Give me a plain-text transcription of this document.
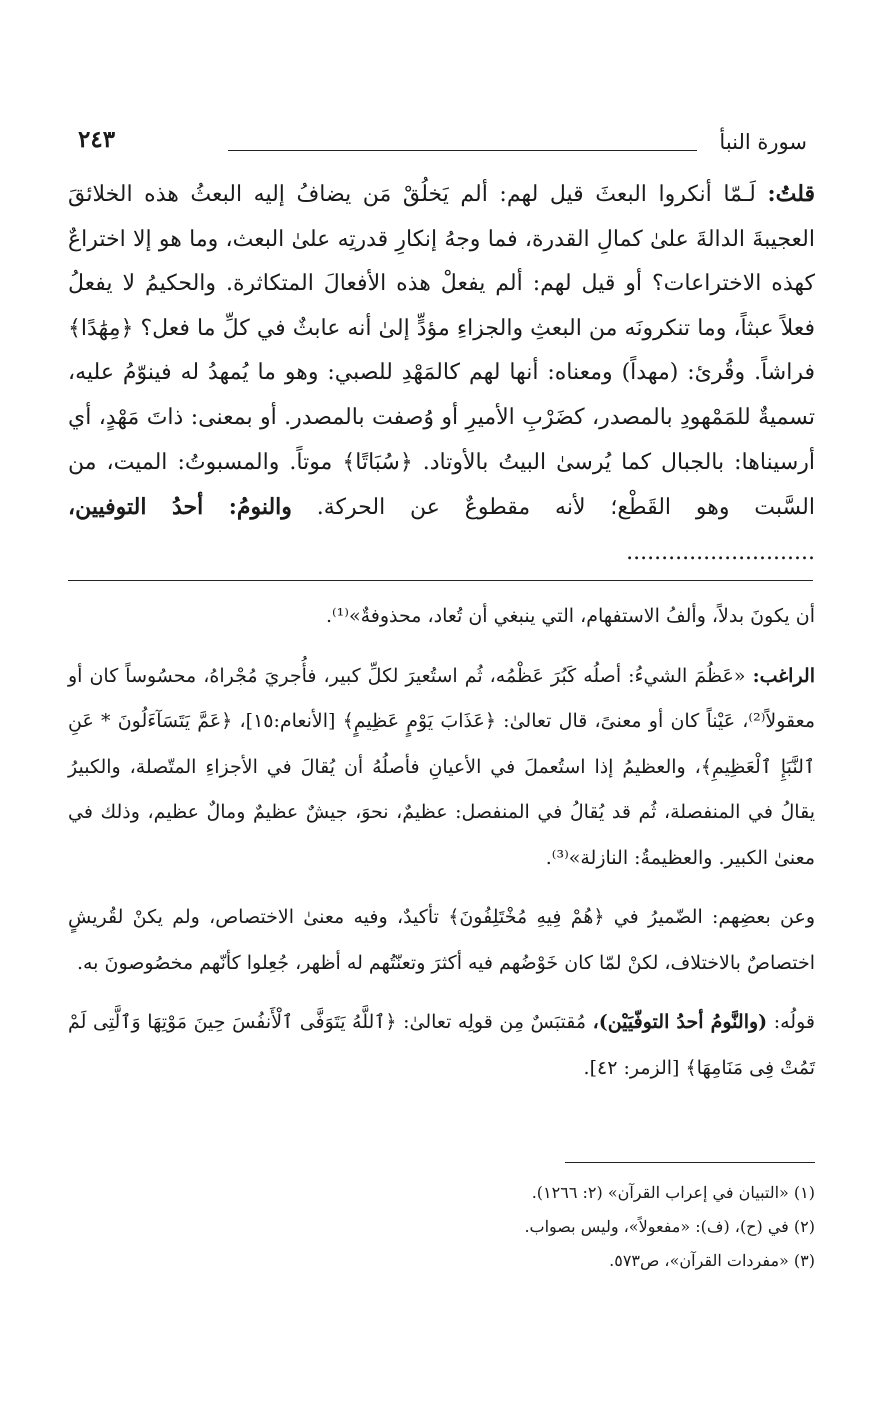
سورة النبأ
٢٤٣
قلتُ: لَـمّا أنكروا البعثَ قيل لهم: ألم يَخلُقْ مَن يضافُ إليه البعثُ هذه الخلائقَ العجيبةَ الدالةَ علىٰ كمالِ القدرة، فما وجهُ إنكارِ قدرتِه علىٰ البعث، وما هو إلا اختراعٌ كهذه الاختراعات؟ أو قيل لهم: ألم يفعلْ هذه الأفعالَ المتكاثرة. والحكيمُ لا يفعلُ فعلاً عبثاً، وما تنكرونَه من البعثِ والجزاءِ مؤدٍّ إلىٰ أنه عابثٌ في كلِّ ما فعل؟ ﴿مِهَٰدًا﴾ فراشاً. وقُرئ: (مهداً) ومعناه: أنها لهم كالمَهْدِ للصبي: وهو ما يُمهدُ له فينوّمُ عليه، تسميةٌ للمَمْهودِ بالمصدر، كضَرْبِ الأميرِ أو وُصفت بالمصدر. أو بمعنى: ذاتَ مَهْدٍ، أي أرسيناها: بالجبال كما يُرسىٰ البيتُ بالأوتاد. ﴿سُبَاتًا﴾ موتاً. والمسبوتُ: الميت، من السَّبت وهو القَطْع؛ لأنه مقطوعٌ عن الحركة. والنومُ: أحدُ التوفيين، ...........................

أن يكونَ بدلاً، وألفُ الاستفهام، التي ينبغي أن تُعاد، محذوفةٌ»⁽¹⁾.

الراغب: «عَظُمَ الشيءُ: أصلُه كَبُرَ عَظْمُه، ثُم استُعيرَ لكلِّ كبير، فأُجريَ مُجْراهُ، محسُوساً كان أو معقولاً⁽²⁾، عَيْناً كان أو معنىً، قال تعالىٰ: ﴿عَذَابَ يَوْمٍ عَظِيمٍ﴾ [الأنعام:١٥]، ﴿عَمَّ يَتَسَآءَلُونَ * عَنِ ٱلنَّبَإِ ٱلْعَظِيمِ﴾، والعظيمُ إذا استُعملَ في الأعيانِ فأصلُهُ أن يُقالَ في الأجزاءِ المتّصلة، والكبيرُ يقالُ في المنفصلة، ثُم قد يُقالُ في المنفصل: عظيمٌ، نحوَ، جيشٌ عظيمٌ ومالٌ عظيم، وذلك في معنىٰ الكبير. والعظيمةُ: النازلة»⁽³⁾.

وعن بعضِهم: الضّميرُ في ﴿هُمْ فِيهِ مُخْتَلِفُونَ﴾ تأكيدٌ، وفيه معنىٰ الاختصاص، ولم يكنْ لقُريشٍ اختصاصٌ بالاختلاف، لكنْ لمّا كان خَوْضُهم فيه أكثرَ وتعنّتُهم له أظهر، جُعِلوا كأنّهم مخصُوصونَ به.

قولُه: (والنَّومُ أحدُ التوفّيَيْن)، مُقتبَسٌ مِن قولِه تعالىٰ: ﴿ٱللَّهُ يَتَوَفَّى ٱلْأَنفُسَ حِينَ مَوْتِهَا وَٱلَّتِى لَمْ تَمُتْ فِى مَنَامِهَا﴾ [الزمر: ٤٢].

(١) «التبيان في إعراب القرآن» (٢: ١٢٦٦).
(٢) في (ح)، (ف): «مفعولاً»، وليس بصواب.
(٣) «مفردات القرآن»، ص٥٧٣.
